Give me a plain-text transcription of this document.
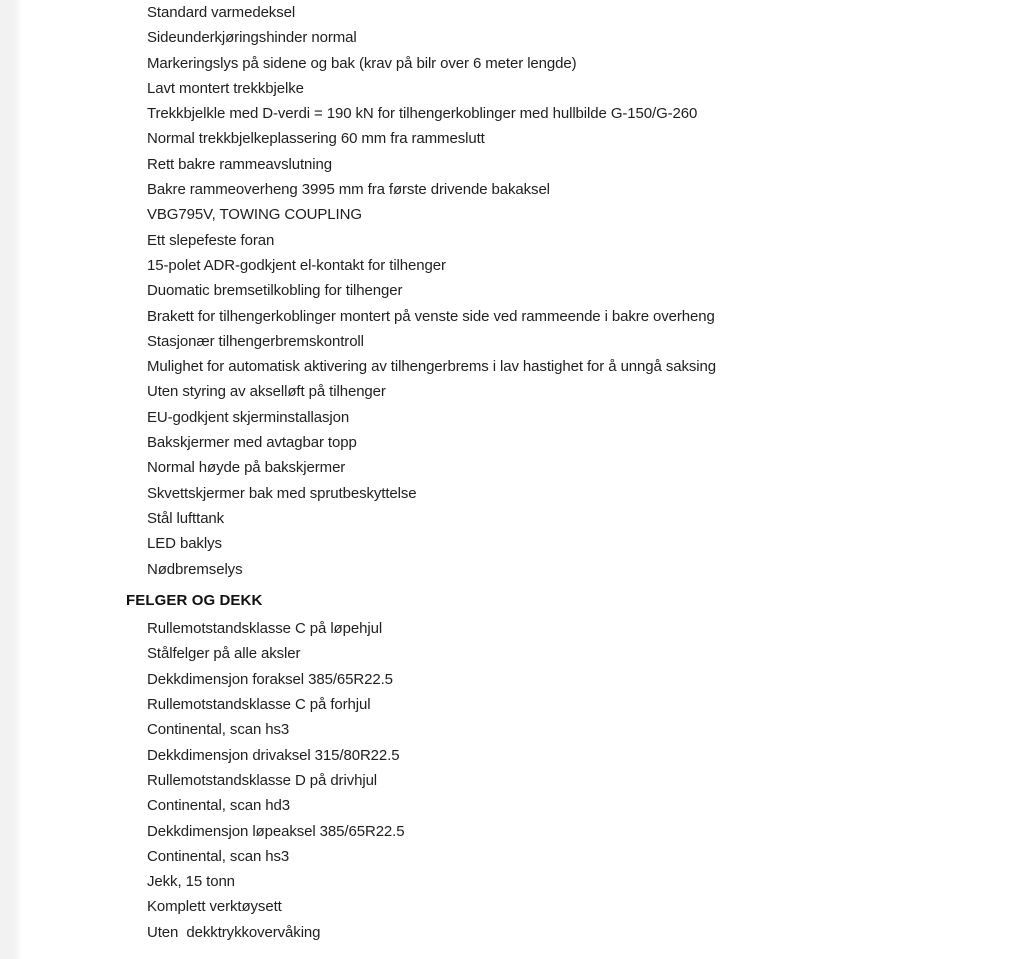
Standard varmedeksel
Sideunderkjøringshinder normal
Markeringslys på sidene og bak (krav på bilr over 6 meter lengde)
Lavt montert trekkbjelke
Trekkbjelkle med D-verdi = 190 kN for tilhengerkoblinger med hullbilde G-150/G-260
Normal trekkbjelkeplassering 60 mm fra rammeslutt
Rett bakre rammeavslutning
Bakre rammeoverheng 3995 mm fra første drivende bakaksel
VBG795V, TOWING COUPLING
Ett slepefeste foran
15-polet ADR-godkjent el-kontakt for tilhenger
Duomatic bremsetilkobling for tilhenger
Brakett for tilhengerkoblinger montert på venste side ved rammeende i bakre overheng
Stasjonær tilhengerbremskontroll
Mulighet for automatisk aktivering av tilhengerbrems i lav hastighet for å unngå saksing
Uten styring av akselløft på tilhenger
EU-godkjent skjerminstallasjon
Bakskjermer med avtagbar topp
Normal høyde på bakskjermer
Skvettskjermer bak med sprutbeskyttelse
Stål lufttank
LED baklys
Nødbremselys
FELGER OG DEKK
Rullemotstandsklasse C på løpehjul
Stålfelger på alle aksler
Dekkdimensjon foraksel 385/65R22.5
Rullemotstandsklasse C på forhjul
Continental, scan hs3
Dekkdimensjon drivaksel 315/80R22.5
Rullemotstandsklasse D på drivhjul
Continental, scan hd3
Dekkdimensjon løpeaksel 385/65R22.5
Continental, scan hs3
Jekk, 15 tonn
Komplett verktøysett
Uten  dekktrykkovervåking
